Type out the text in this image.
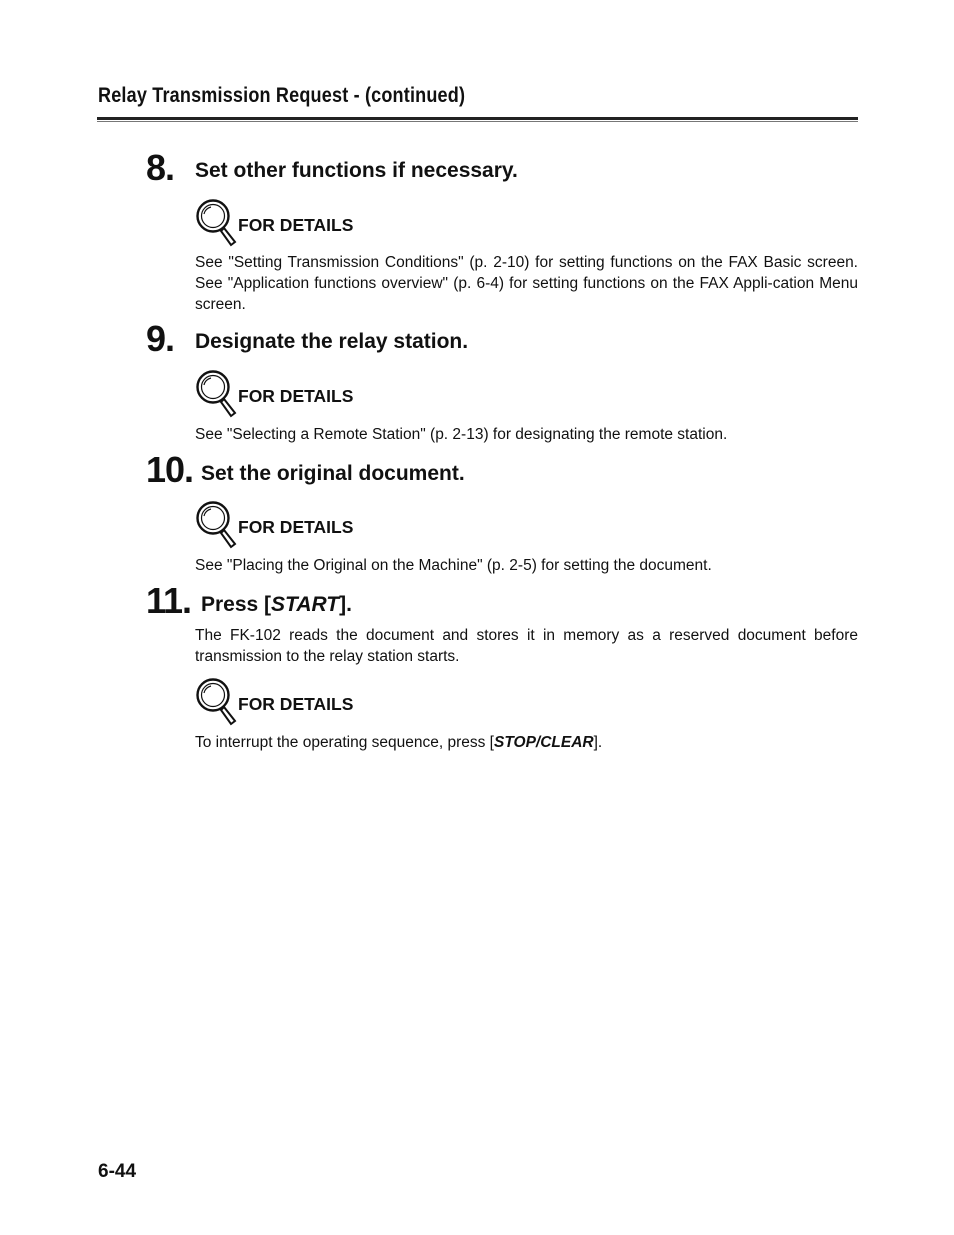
Relay Transmission Request - (continued)
8. Set other functions if necessary.
FOR DETAILS
See "Setting Transmission Conditions" (p. 2-10) for setting functions on the FAX Basic screen. See "Application functions overview" (p. 6-4) for setting functions on the FAX Appli-cation Menu screen.
9. Designate the relay station.
FOR DETAILS
See "Selecting a Remote Station" (p. 2-13) for designating the remote station.
10. Set the original document.
FOR DETAILS
See "Placing the Original on the Machine" (p. 2-5) for setting the document.
11. Press [START].
The FK-102 reads the document and stores it in memory as a reserved document before transmission to the relay station starts.
FOR DETAILS
To interrupt the operating sequence, press [STOP/CLEAR].
6-44
